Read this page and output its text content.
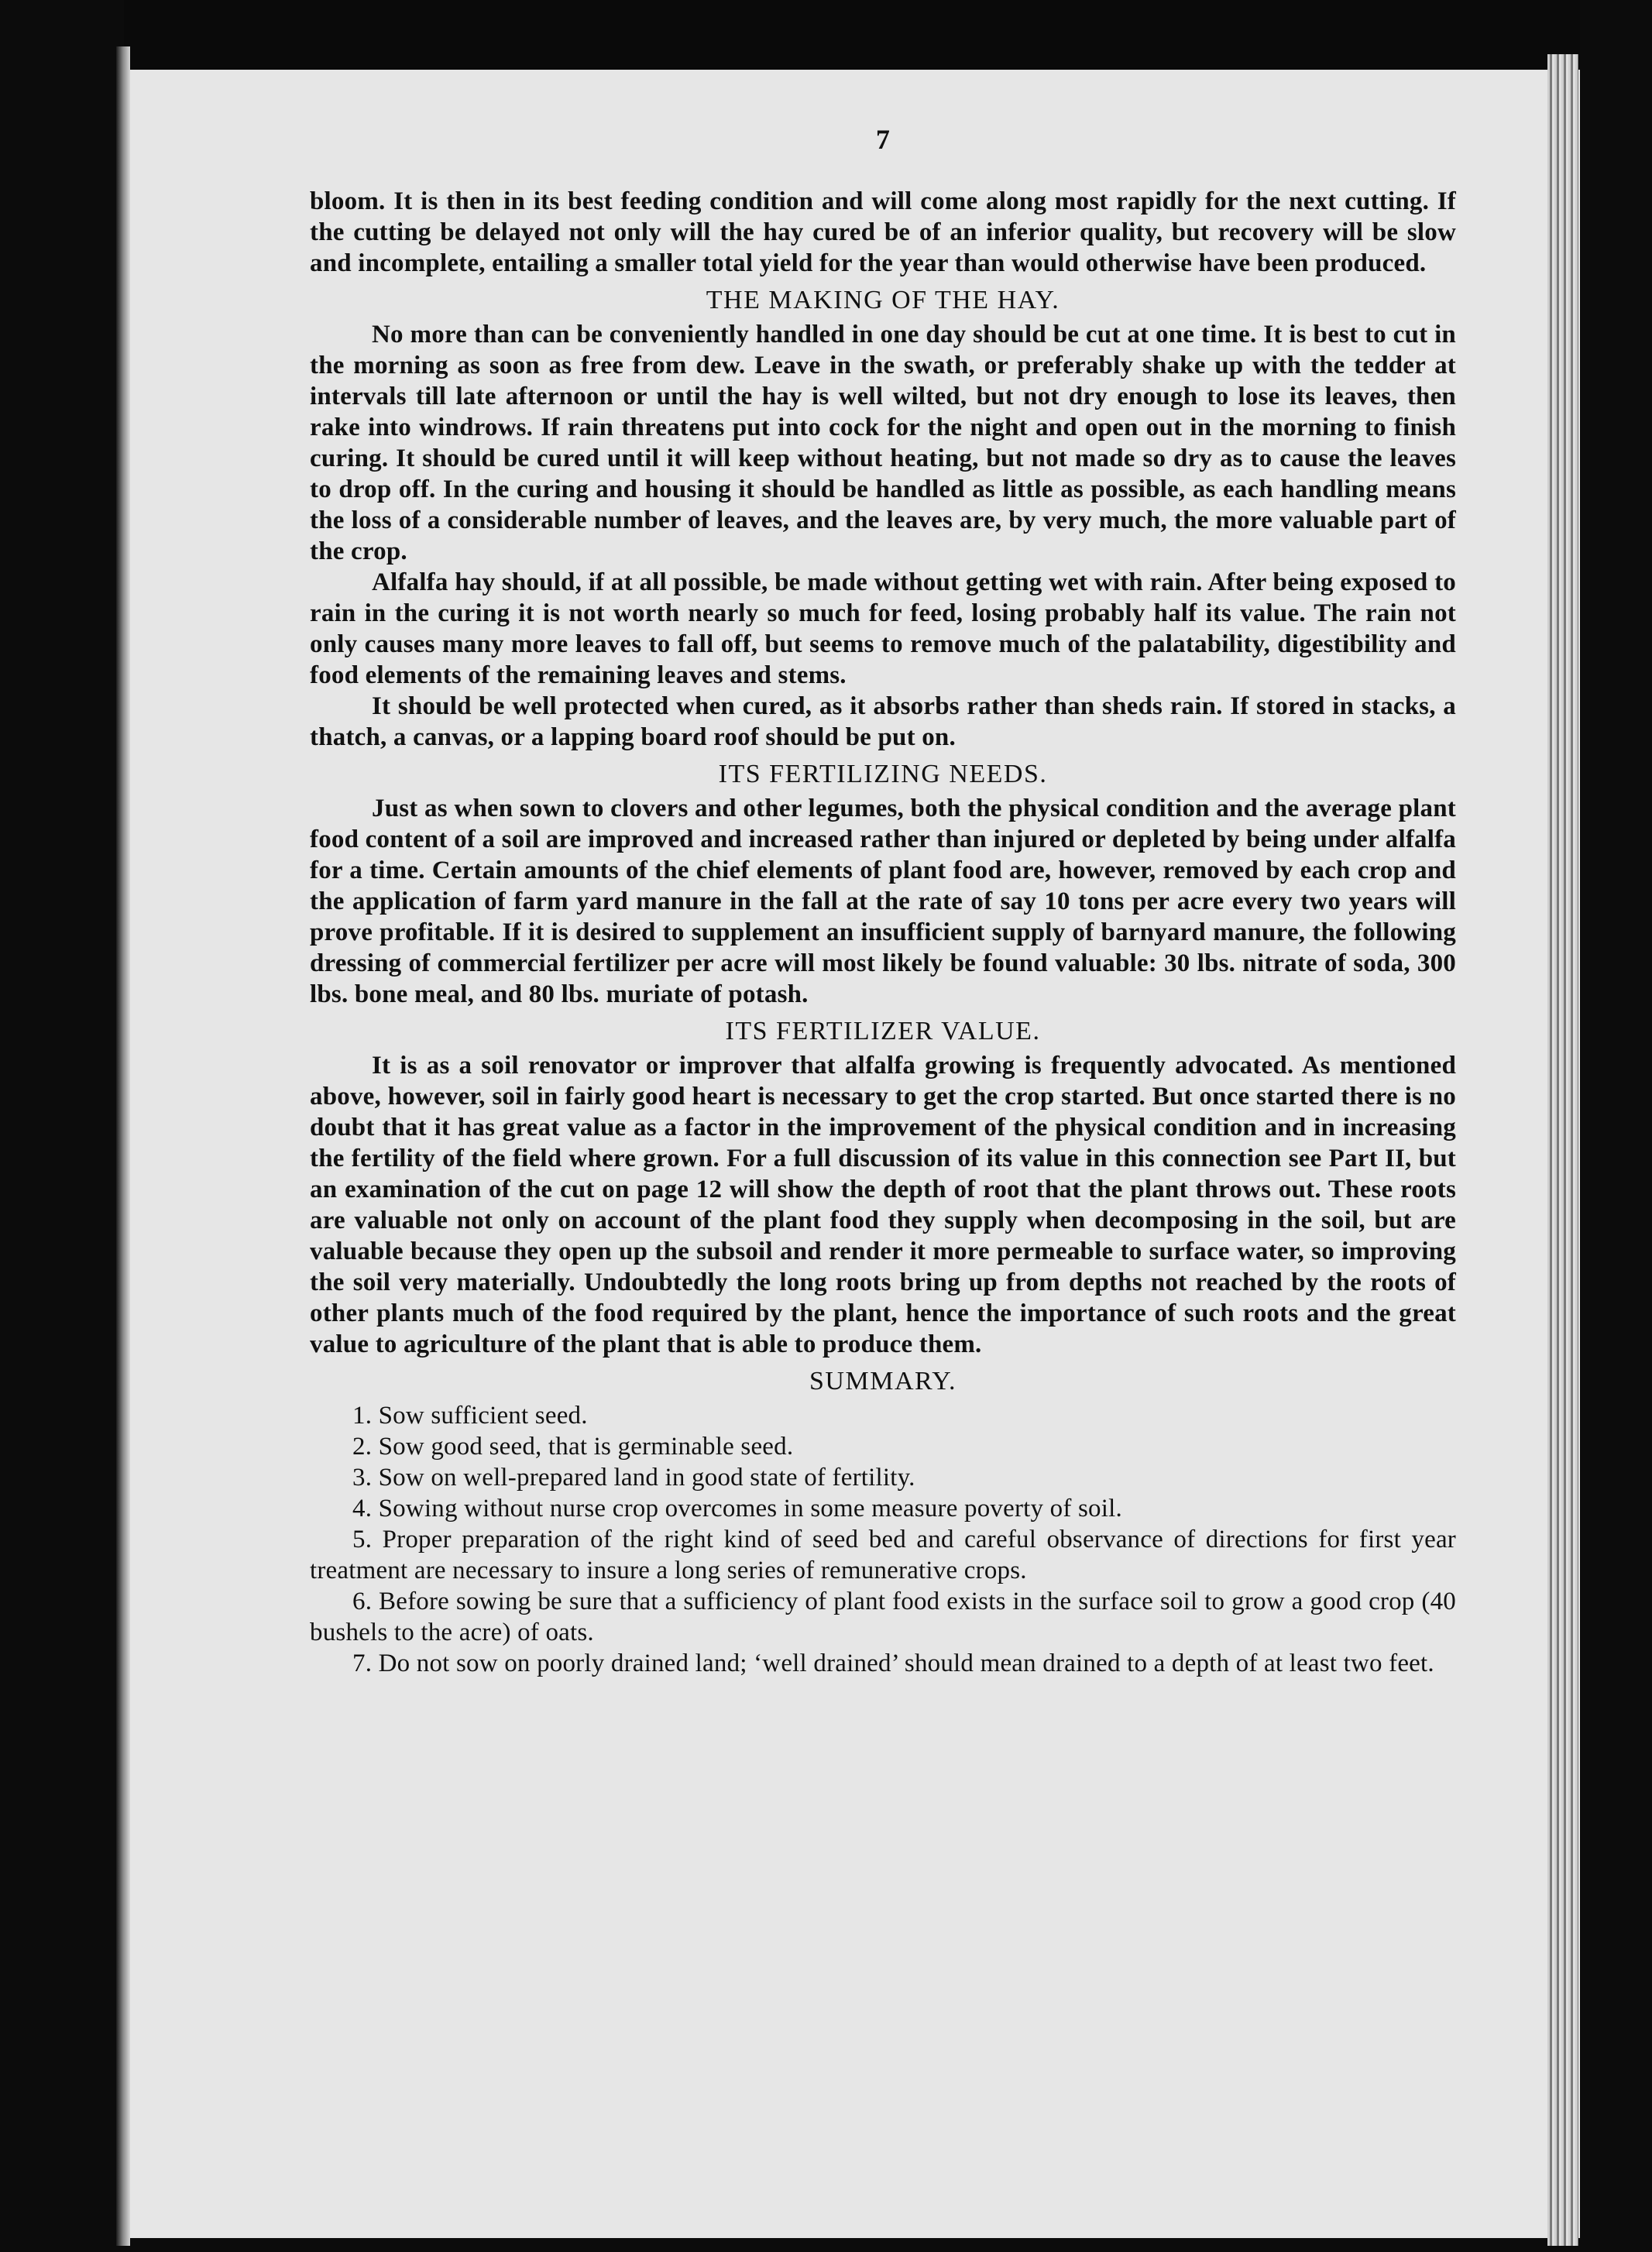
7

bloom. It is then in its best feeding condition and will come along most rapidly for the next cutting. If the cutting be delayed not only will the hay cured be of an inferior quality, but recovery will be slow and incomplete, entailing a smaller total yield for the year than would otherwise have been produced.

THE MAKING OF THE HAY.

No more than can be conveniently handled in one day should be cut at one time. It is best to cut in the morning as soon as free from dew. Leave in the swath, or preferably shake up with the tedder at intervals till late afternoon or until the hay is well wilted, but not dry enough to lose its leaves, then rake into windrows. If rain threatens put into cock for the night and open out in the morning to finish curing. It should be cured until it will keep without heating, but not made so dry as to cause the leaves to drop off. In the curing and housing it should be handled as little as possible, as each handling means the loss of a considerable number of leaves, and the leaves are, by very much, the more valuable part of the crop.

Alfalfa hay should, if at all possible, be made without getting wet with rain. After being exposed to rain in the curing it is not worth nearly so much for feed, losing probably half its value. The rain not only causes many more leaves to fall off, but seems to remove much of the palatability, digestibility and food elements of the remaining leaves and stems.

It should be well protected when cured, as it absorbs rather than sheds rain. If stored in stacks, a thatch, a canvas, or a lapping board roof should be put on.

ITS FERTILIZING NEEDS.

Just as when sown to clovers and other legumes, both the physical condition and the average plant food content of a soil are improved and increased rather than injured or depleted by being under alfalfa for a time. Certain amounts of the chief elements of plant food are, however, removed by each crop and the application of farm yard manure in the fall at the rate of say 10 tons per acre every two years will prove profitable. If it is desired to supplement an insufficient supply of barnyard manure, the following dressing of commercial fertilizer per acre will most likely be found valuable: 30 lbs. nitrate of soda, 300 lbs. bone meal, and 80 lbs. muriate of potash.

ITS FERTILIZER VALUE.

It is as a soil renovator or improver that alfalfa growing is frequently advocated. As mentioned above, however, soil in fairly good heart is necessary to get the crop started. But once started there is no doubt that it has great value as a factor in the improvement of the physical condition and in increasing the fertility of the field where grown. For a full discussion of its value in this connection see Part II, but an examination of the cut on page 12 will show the depth of root that the plant throws out. These roots are valuable not only on account of the plant food they supply when decomposing in the soil, but are valuable because they open up the subsoil and render it more permeable to surface water, so improving the soil very materially. Undoubtedly the long roots bring up from depths not reached by the roots of other plants much of the food required by the plant, hence the importance of such roots and the great value to agriculture of the plant that is able to produce them.

SUMMARY.
1. Sow sufficient seed.
2. Sow good seed, that is germinable seed.
3. Sow on well-prepared land in good state of fertility.
4. Sowing without nurse crop overcomes in some measure poverty of soil.
5. Proper preparation of the right kind of seed bed and careful observance of directions for first year treatment are necessary to insure a long series of remunerative crops.
6. Before sowing be sure that a sufficiency of plant food exists in the surface soil to grow a good crop (40 bushels to the acre) of oats.
7. Do not sow on poorly drained land; ‘well drained’ should mean drained to a depth of at least two feet.
